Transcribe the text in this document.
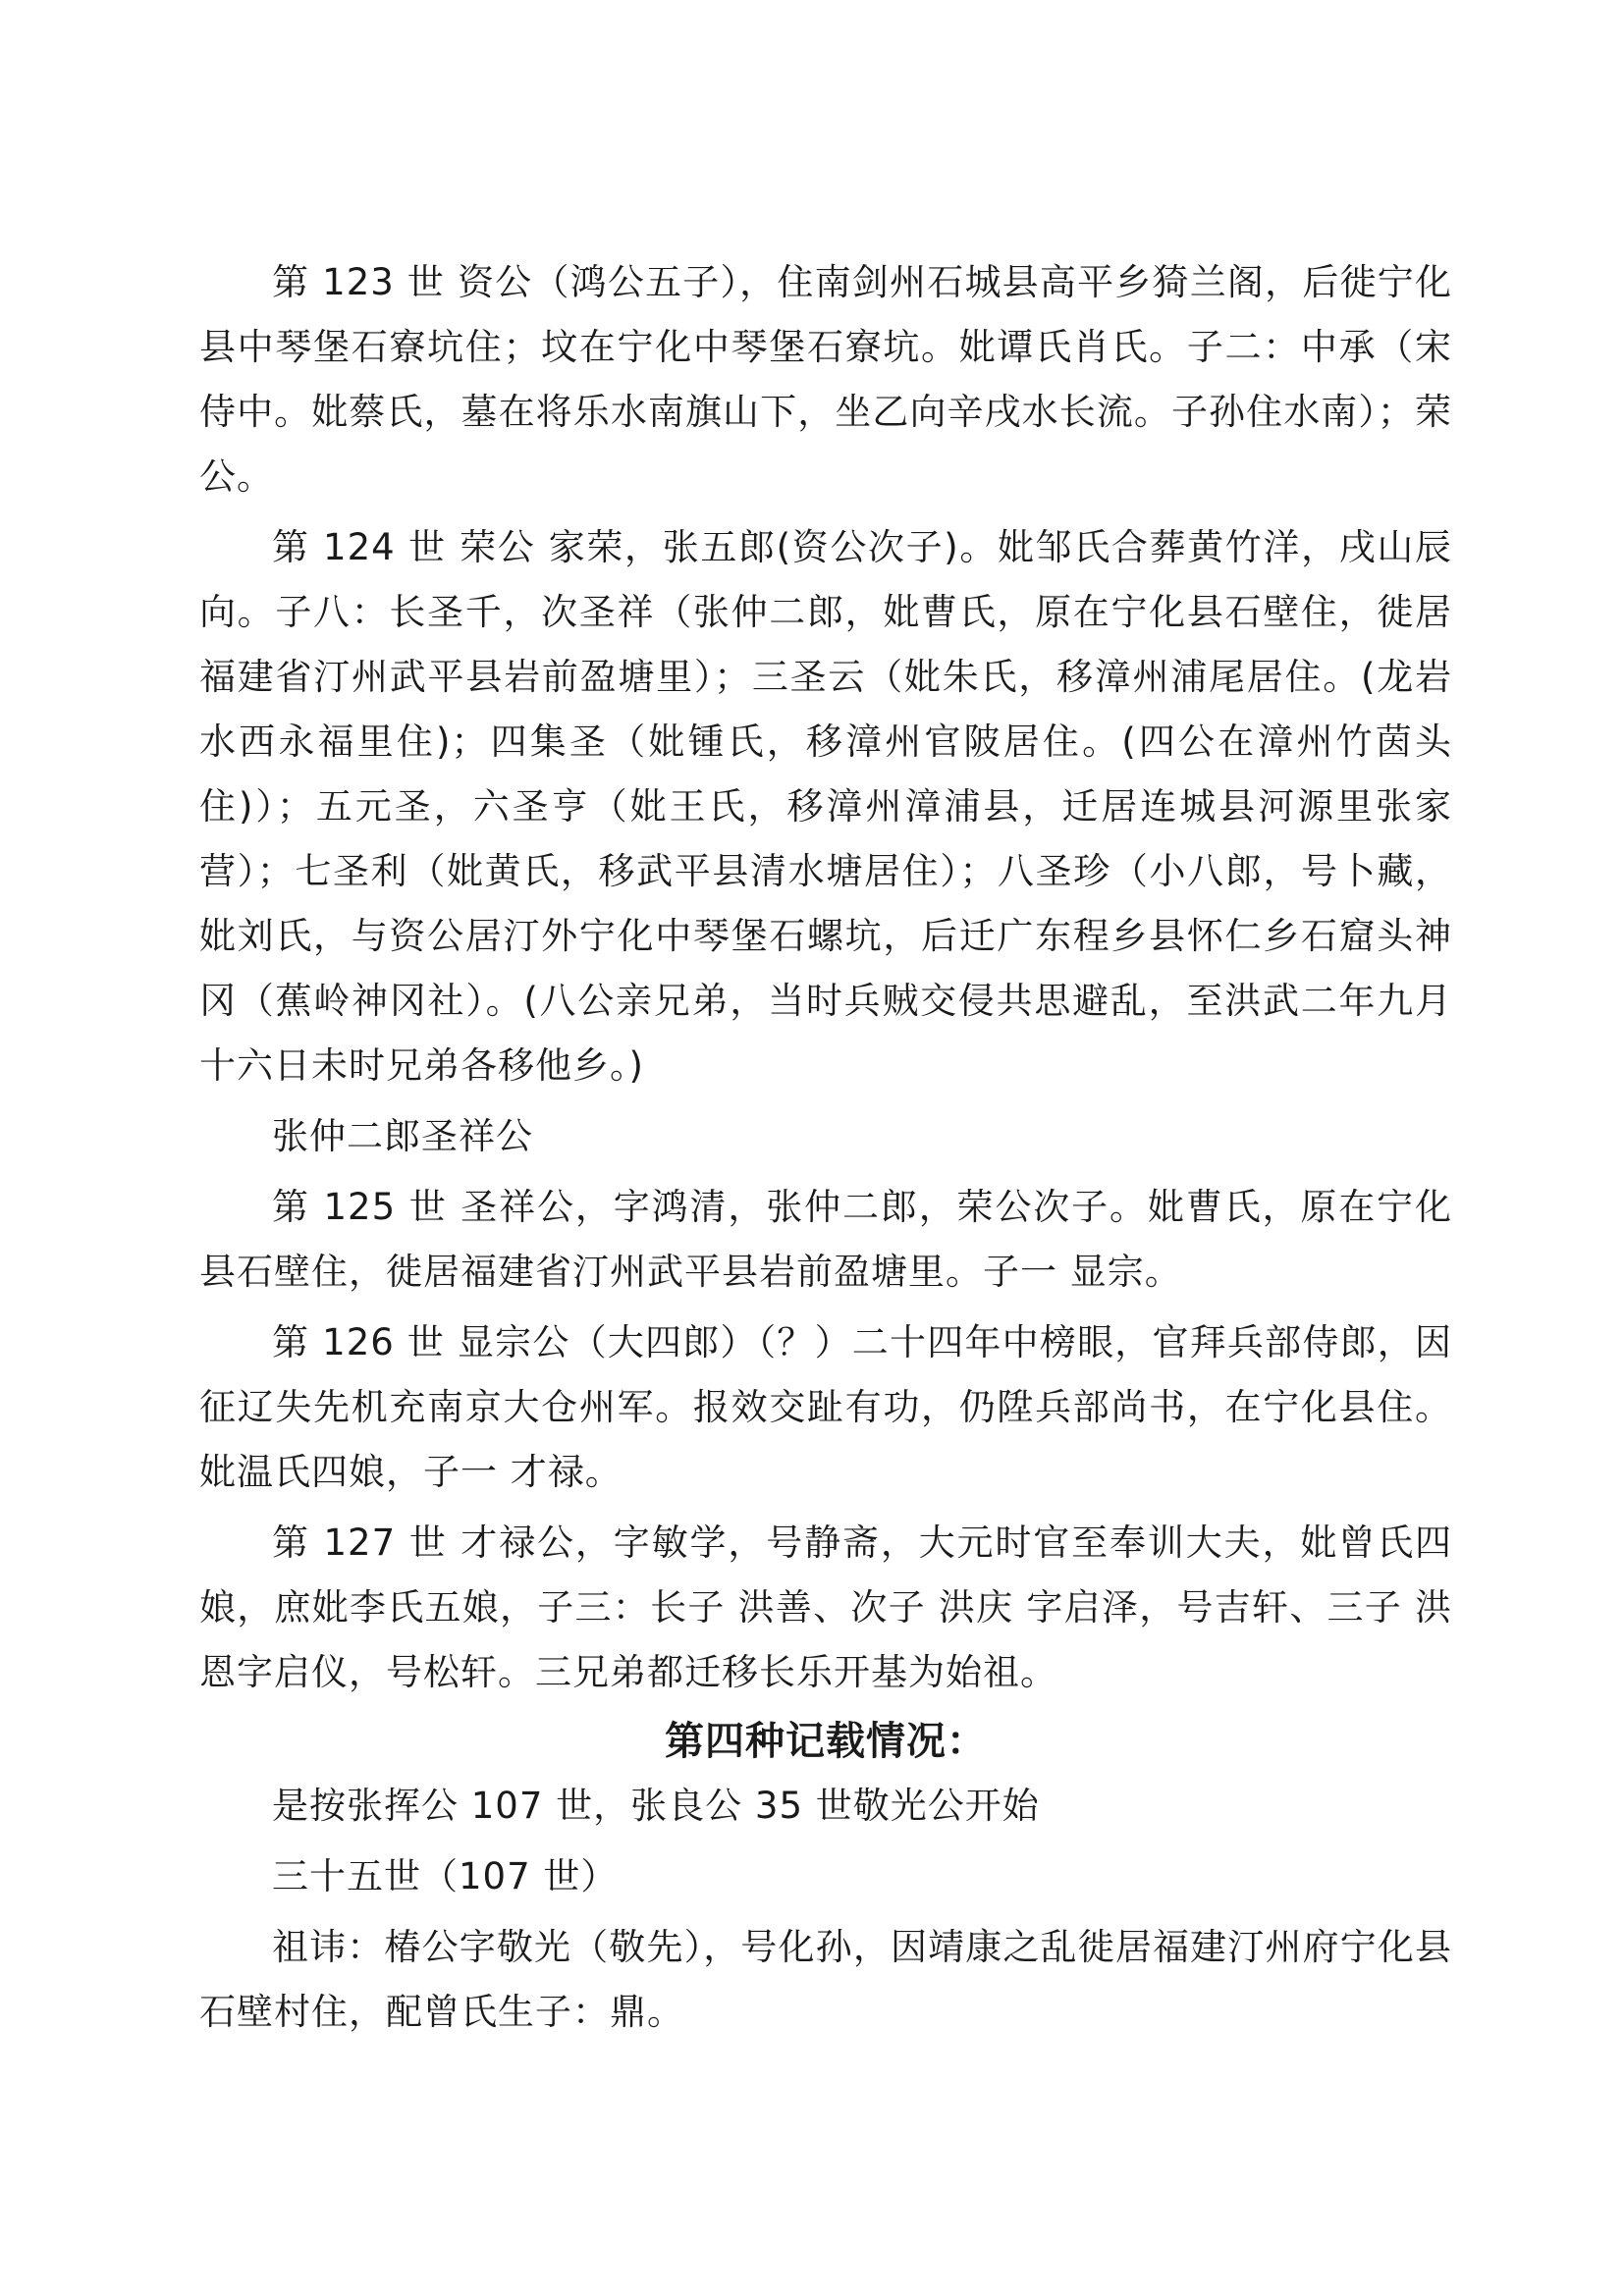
第 123 世 资公（鸿公五子），住南剑州石城县高平乡猗兰阁，后徙宁化县中琴堡石寮坑住；坟在宁化中琴堡石寮坑。妣谭氏肖氏。子二：中承（宋侍中。妣蔡氏，墓在将乐水南旗山下，坐乙向辛戌水长流。子孙住水南）；荣公。

第 124 世 荣公 家荣，张五郎(资公次子)。妣邹氏合葬黄竹洋，戌山辰向。子八：长圣千，次圣祥（张仲二郎，妣曹氏，原在宁化县石壁住，徙居福建省汀州武平县岩前盈塘里）；三圣云（妣朱氏，移漳州浦尾居住。(龙岩水西永福里住)；四集圣（妣锺氏，移漳州官陂居住。(四公在漳州竹茵头住)）；五元圣，六圣亨（妣王氏，移漳州漳浦县，迁居连城县河源里张家营）；七圣利（妣黄氏，移武平县清水塘居住）；八圣珍（小八郎，号卜藏，妣刘氏，与资公居汀外宁化中琴堡石螺坑，后迁广东程乡县怀仁乡石窟头神冈（蕉岭神冈社）。(八公亲兄弟，当时兵贼交侵共思避乱，至洪武二年九月十六日未时兄弟各移他乡。)

张仲二郎圣祥公

第 125 世 圣祥公，字鸿清，张仲二郎，荣公次子。妣曹氏，原在宁化县石壁住，徙居福建省汀州武平县岩前盈塘里。子一 显宗。

第 126 世 显宗公（大四郎）（？）二十四年中榜眼，官拜兵部侍郎，因征辽失先机充南京大仓州军。报效交趾有功，仍陞兵部尚书，在宁化县住。妣温氏四娘，子一 才禄。

第 127 世 才禄公，字敏学，号静斋，大元时官至奉训大夫，妣曾氏四娘，庶妣李氏五娘，子三：长子 洪善、次子 洪庆 字启泽，号吉轩、三子 洪恩字启仪，号松轩。三兄弟都迁移长乐开基为始祖。

第四种记载情况：

是按张挥公 107 世，张良公 35 世敬光公开始

三十五世（107 世）

祖讳：椿公字敬光（敬先），号化孙，因靖康之乱徙居福建汀州府宁化县石壁村住，配曾氏生子：鼎。
